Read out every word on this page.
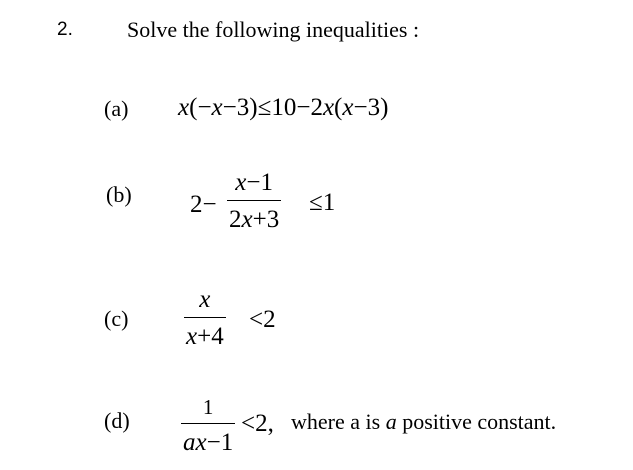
2. Solve the following inequalities :
(a) x(−x−3)≤10−2x(x−3)
(b) 2−
x−1
2x+3
≤1
(c)
x
x+4
<2
(d)
1
ax−1
<2, where a is a positive constant.
